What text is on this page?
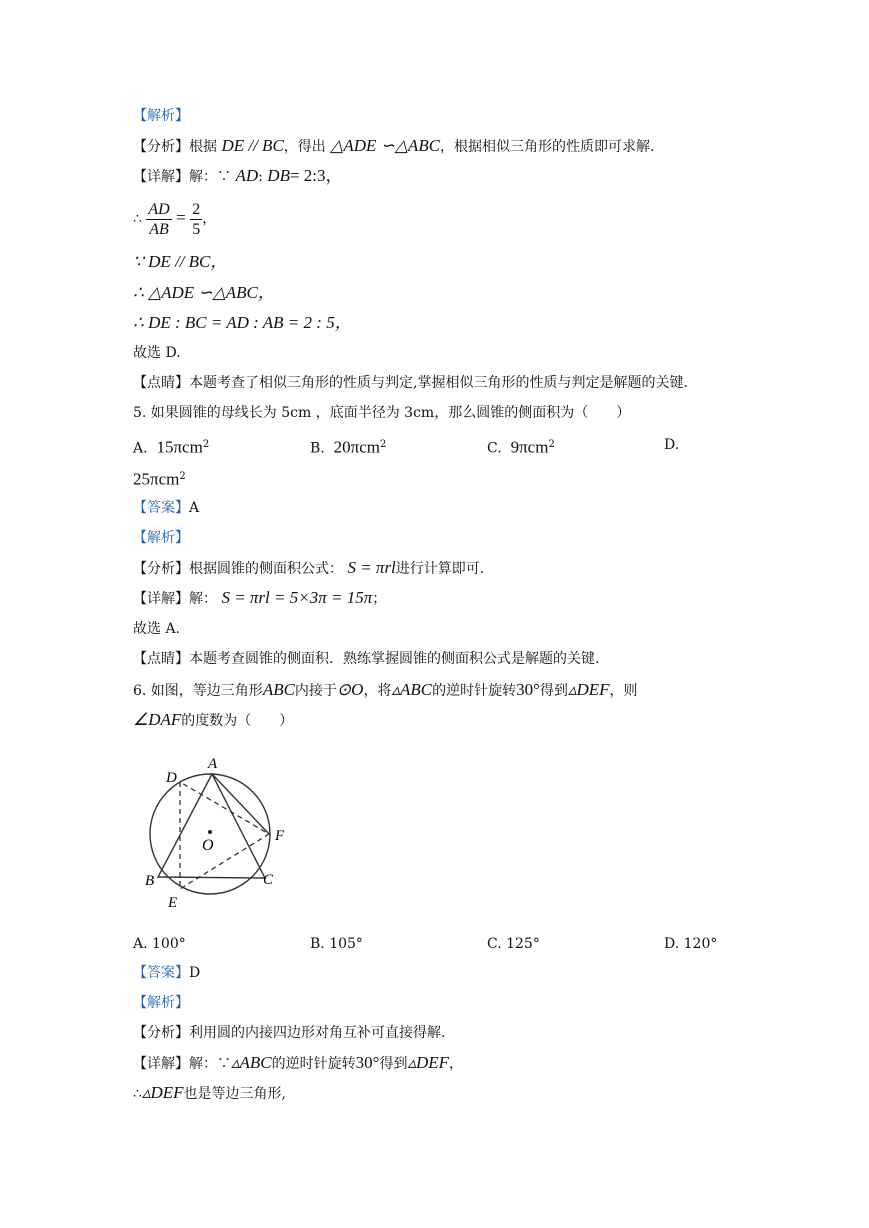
【解析】
【分析】根据 DE // BC，得出 △ADE ∽△ABC，根据相似三角形的性质即可求解.
【详解】解：∵ AD: DB= 2:3，
∴ $\frac{AD}{AB} = \frac{2}{5}$ ，
∵ DE // BC，
∴ △ADE ∽△ABC，
∴ DE : BC = AD : AB = 2 : 5，
故选 D.
【点睛】本题考查了相似三角形的性质与判定,掌握相似三角形的性质与判定是解题的关键.
5. 如果圆锥的母线长为 5cm ，底面半径为 3cm，那么圆锥的侧面积为（　　）
A. 15πcm$^2$	B. 20πcm$^2$	C. 9πcm$^2$	D.
25πcm$^2$
【答案】A
【解析】
【分析】根据圆锥的侧面积公式： S = πrl进行计算即可.
【详解】解： S = πrl = 5×3π = 15π；
故选 A.
【点睛】本题考查圆锥的侧面积．熟练掌握圆锥的侧面积公式是解题的关键.
6. 如图，等边三角形ABC内接于⊙O，将▵ABC的逆时针旋转30°得到▵DEF，则
∠DAF的度数为（　　）
A
D
F
O
B	C
E
A. 100°	B. 105°	C. 125°	D. 120°
【答案】D
【解析】
【分析】利用圆的内接四边形对角互补可直接得解.
【详解】解：∵▵ABC的逆时针旋转30°得到▵DEF，
∴▵DEF也是等边三角形,
